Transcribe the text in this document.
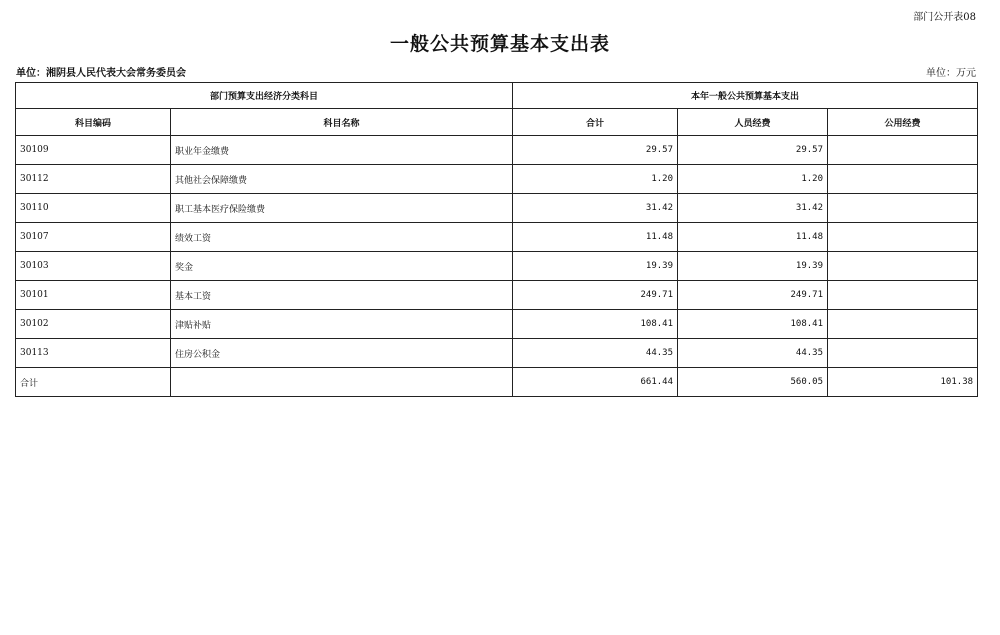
部门公开表08
一般公共预算基本支出表
单位：湘阴县人民代表大会常务委员会	单位：万元
部门预算支出经济分类科目		本年一般公共预算基本支出		
科目编码	科目名称	合计	人员经费	公用经费
30109	职业年金缴费	29.57	29.57	
30112	其他社会保障缴费	1.20	1.20	
30110	职工基本医疗保险缴费	31.42	31.42	
30107	绩效工资	11.48	11.48	
30103	奖金	19.39	19.39	
30101	基本工资	249.71	249.71	
30102	津贴补贴	108.41	108.41	
30113	住房公积金	44.35	44.35	
合计		661.44	560.05	101.38
